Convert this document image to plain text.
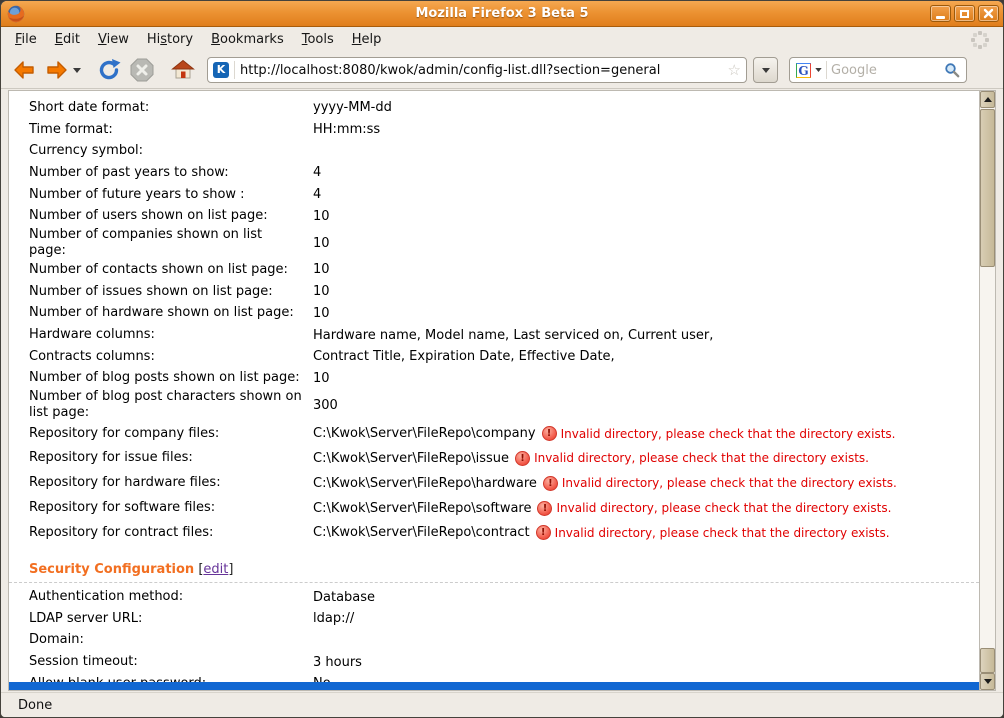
Mozilla Firefox 3 Beta 5
File	Edit	View	History	Bookmarks	Tools	Help
K
http://localhost:8080/kwok/admin/config-list.dll?section=general	☆	G
Google
Short date format:	yyyy-MM-dd
Time format:	HH:mm:ss
Currency symbol:
Number of past years to show:	4
Number of future years to show :	4
Number of users shown on list page:	10
Number of companies shown on list page:	10
Number of contacts shown on list page:	10
Number of issues shown on list page:	10
Number of hardware shown on list page:	10
Hardware columns:	Hardware name, Model name, Last serviced on, Current user,
Contracts columns:	Contract Title, Expiration Date, Effective Date,
Number of blog posts shown on list page:	10
Number of blog post characters shown on list page:	300
Repository for company files:	C:\Kwok\Server\FileRepo\company ! Invalid directory, please check that the directory exists.
Repository for issue files:	C:\Kwok\Server\FileRepo\issue ! Invalid directory, please check that the directory exists.
Repository for hardware files:	C:\Kwok\Server\FileRepo\hardware ! Invalid directory, please check that the directory exists.
Repository for software files:	C:\Kwok\Server\FileRepo\software ! Invalid directory, please check that the directory exists.
Repository for contract files:	C:\Kwok\Server\FileRepo\contract ! Invalid directory, please check that the directory exists.
Security Configuration [edit]
Authentication method:	Database
LDAP server URL:	ldap://
Domain:
Session timeout:	3 hours
Done
